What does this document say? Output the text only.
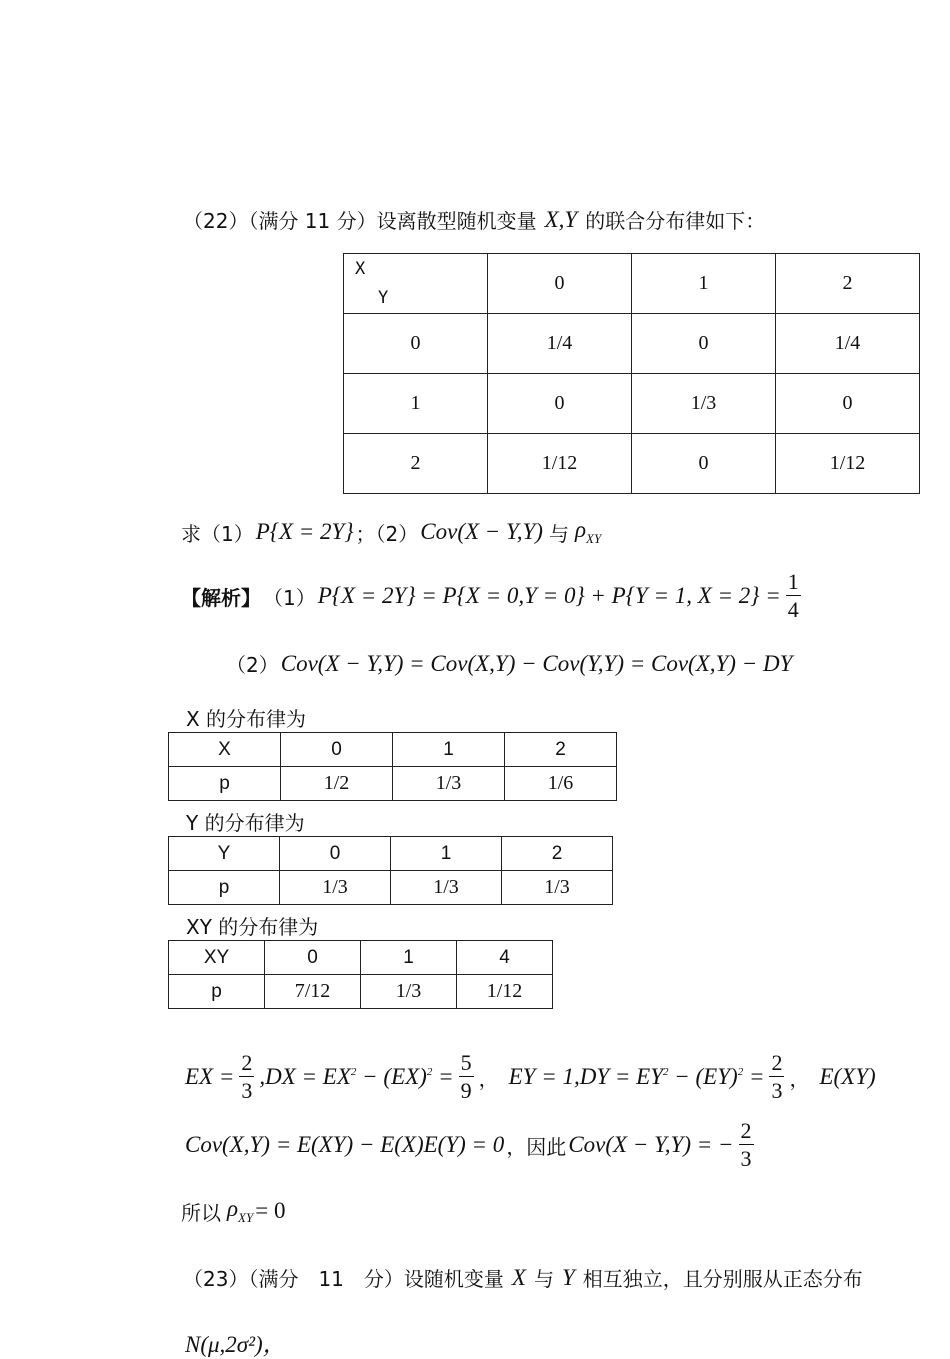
（22）（满分 11 分）设离散型随机变量 X,Y 的联合分布律如下：
X
Y	0	1	2
0	1/4	0	1/4
1	0	1/3	0
2	1/12	0	1/12
求（1） P{X = 2Y} ；（2） Cov(X − Y,Y) 与 $\rho_{XY}$
【解析】 （1） P{X = 2Y} = P{X = 0,Y = 0} + P{Y = 1, $X = 2\} = \frac{1}{4}$
（2） Cov(X − Y,Y) = Cov(X,Y) − Cov(Y,Y) = Cov(X,Y) − DY
X 的分布律为
X	0	1	2
p	1/2	1/3	1/6
Y 的分布律为
Y	0	1	2
p	1/3	1/3	1/3
XY 的分布律为
XY	0	1	4
p	7/12	1/3	1/12
EX = $\frac{2}{3} ,DX = EX^2 - (EX)^2 = \frac{5}{9}$ ， EY = $1,DY = EY^2 - (EY)^2 = \frac{2}{3}$ ， E(XY)
Cov(X,Y) = E(XY) − E(X)E(Y) = 0 ，因此 Cov(X − Y,Y) = − $\frac{2}{3}$
所以 $\rho_{XY} = 0$
（23）（满分　11　分）设随机变量 X 与 Y 相互独立，且分别服从正态分布
N(μ,2σ²)，
